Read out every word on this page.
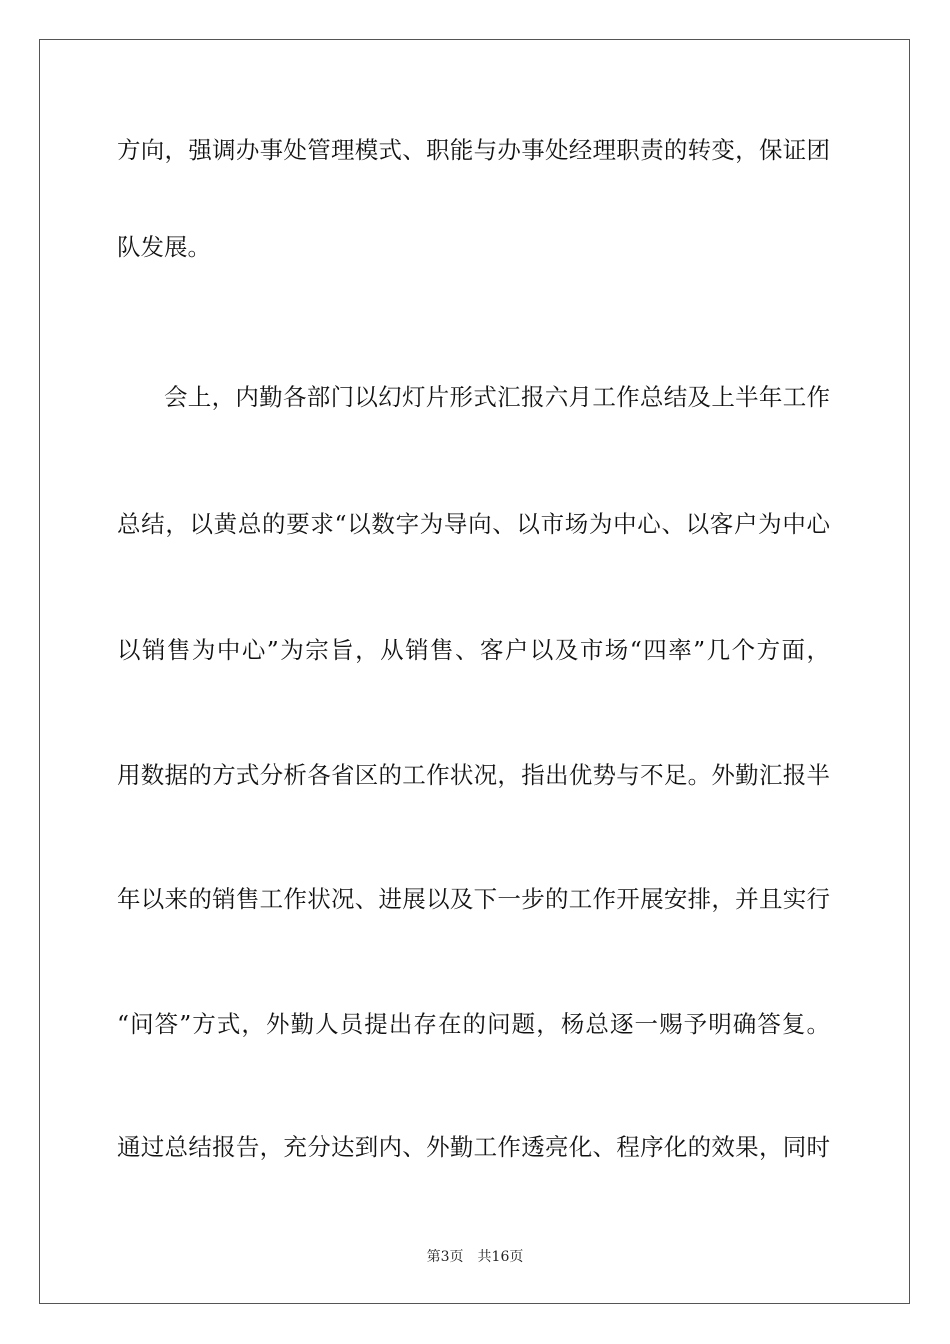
方向，强调办事处管理模式、职能与办事处经理职责的转变，保证团
队发展。
会上，内勤各部门以幻灯片形式汇报六月工作总结及上半年工作
总结，以黄总的要求“以数字为导向、以市场为中心、以客户为中心
以销售为中心”为宗旨，从销售、客户以及市场“四率”几个方面，
用数据的方式分析各省区的工作状况，指出优势与不足。外勤汇报半
年以来的销售工作状况、进展以及下一步的工作开展安排，并且实行
“问答”方式，外勤人员提出存在的问题，杨总逐一赐予明确答复。
通过总结报告，充分达到内、外勤工作透亮化、程序化的效果，同时
第3页 共16页
